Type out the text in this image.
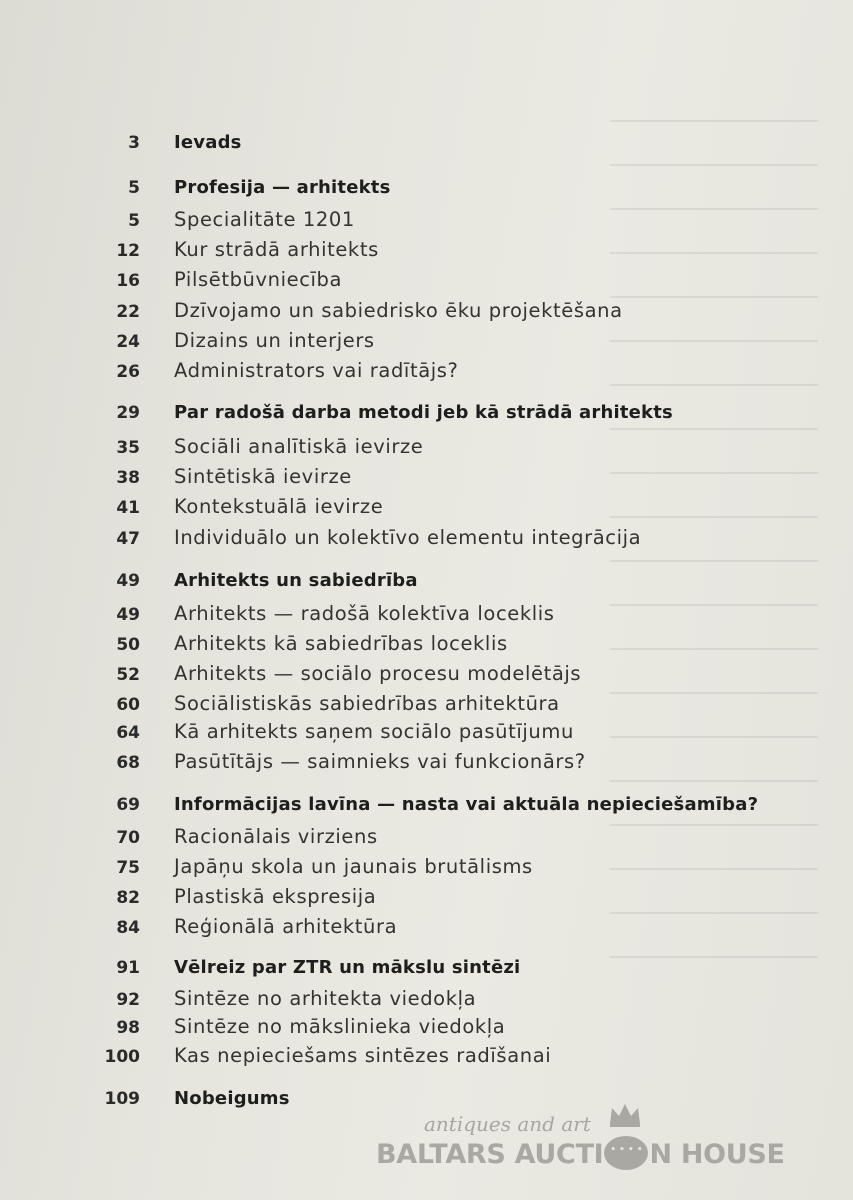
3 Ievads
5 Profesija — arhitekts
5 Specialitāte 1201
12 Kur strādā arhitekts
16 Pilsētbūvniecība
22 Dzīvojamo un sabiedrisko ēku projektēšana
24 Dizains un interjers
26 Administrators vai radītājs?
29 Par radošā darba metodi jeb kā strādā arhitekts
35 Sociāli analītiskā ievirze
38 Sintētiskā ievirze
41 Kontekstuālā ievirze
47 Individuālo un kolektīvo elementu integrācija
49 Arhitekts un sabiedrība
49 Arhitekts — radošā kolektīva loceklis
50 Arhitekts kā sabiedrības loceklis
52 Arhitekts — sociālo procesu modelētājs
60 Sociālistiskās sabiedrības arhitektūra
64 Kā arhitekts saņem sociālo pasūtījumu
68 Pasūtītājs — saimnieks vai funkcionārs?
69 Informācijas lavīna — nasta vai aktuāla nepieciešamība?
70 Racionālais virziens
75 Japāņu skola un jaunais brutālisms
82 Plastiskā ekspresija
84 Reģionālā arhitektūra
91 Vēlreiz par ZTR un mākslu sintēzi
92 Sintēze no arhitekta viedokļa
98 Sintēze no mākslinieka viedokļa
100 Kas nepieciešams sintēzes radīšanai
109 Nobeigums
antiques and art
BALTARS AUCTI• • • • N HOUSE
